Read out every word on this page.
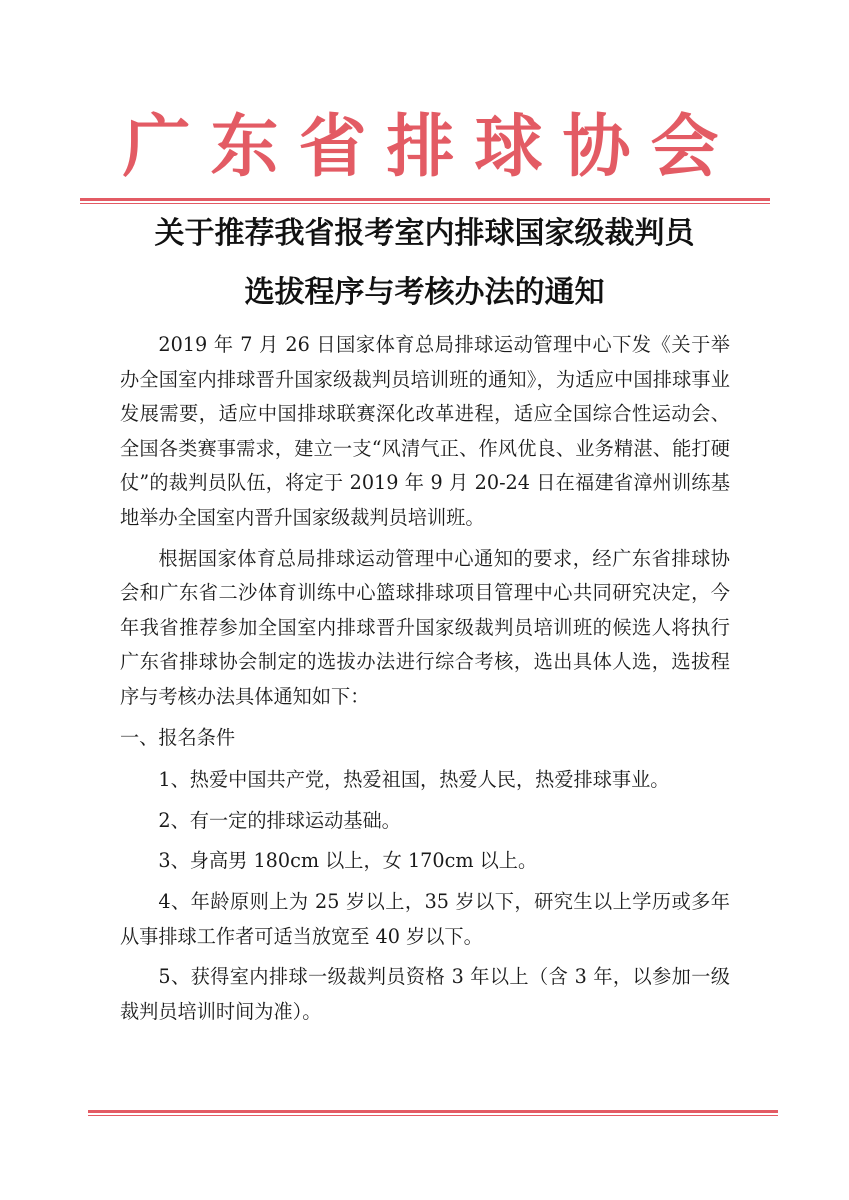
广东省排球协会
关于推荐我省报考室内排球国家级裁判员
选拔程序与考核办法的通知

2019 年 7 月 26 日国家体育总局排球运动管理中心下发《关于举办全国室内排球晋升国家级裁判员培训班的通知》，为适应中国排球事业发展需要，适应中国排球联赛深化改革进程，适应全国综合性运动会、全国各类赛事需求，建立一支“风清气正、作风优良、业务精湛、能打硬仗”的裁判员队伍，将定于 2019 年 9 月 20-24 日在福建省漳州训练基地举办全国室内晋升国家级裁判员培训班。

根据国家体育总局排球运动管理中心通知的要求，经广东省排球协会和广东省二沙体育训练中心篮球排球项目管理中心共同研究决定，今年我省推荐参加全国室内排球晋升国家级裁判员培训班的候选人将执行广东省排球协会制定的选拔办法进行综合考核，选出具体人选，选拔程序与考核办法具体通知如下：

一、报名条件

1、热爱中国共产党，热爱祖国，热爱人民，热爱排球事业。

2、有一定的排球运动基础。

3、身高男 180cm 以上，女 170cm 以上。

4、年龄原则上为 25 岁以上，35 岁以下，研究生以上学历或多年从事排球工作者可适当放宽至 40 岁以下。

5、获得室内排球一级裁判员资格 3 年以上（含 3 年，以参加一级裁判员培训时间为准）。
